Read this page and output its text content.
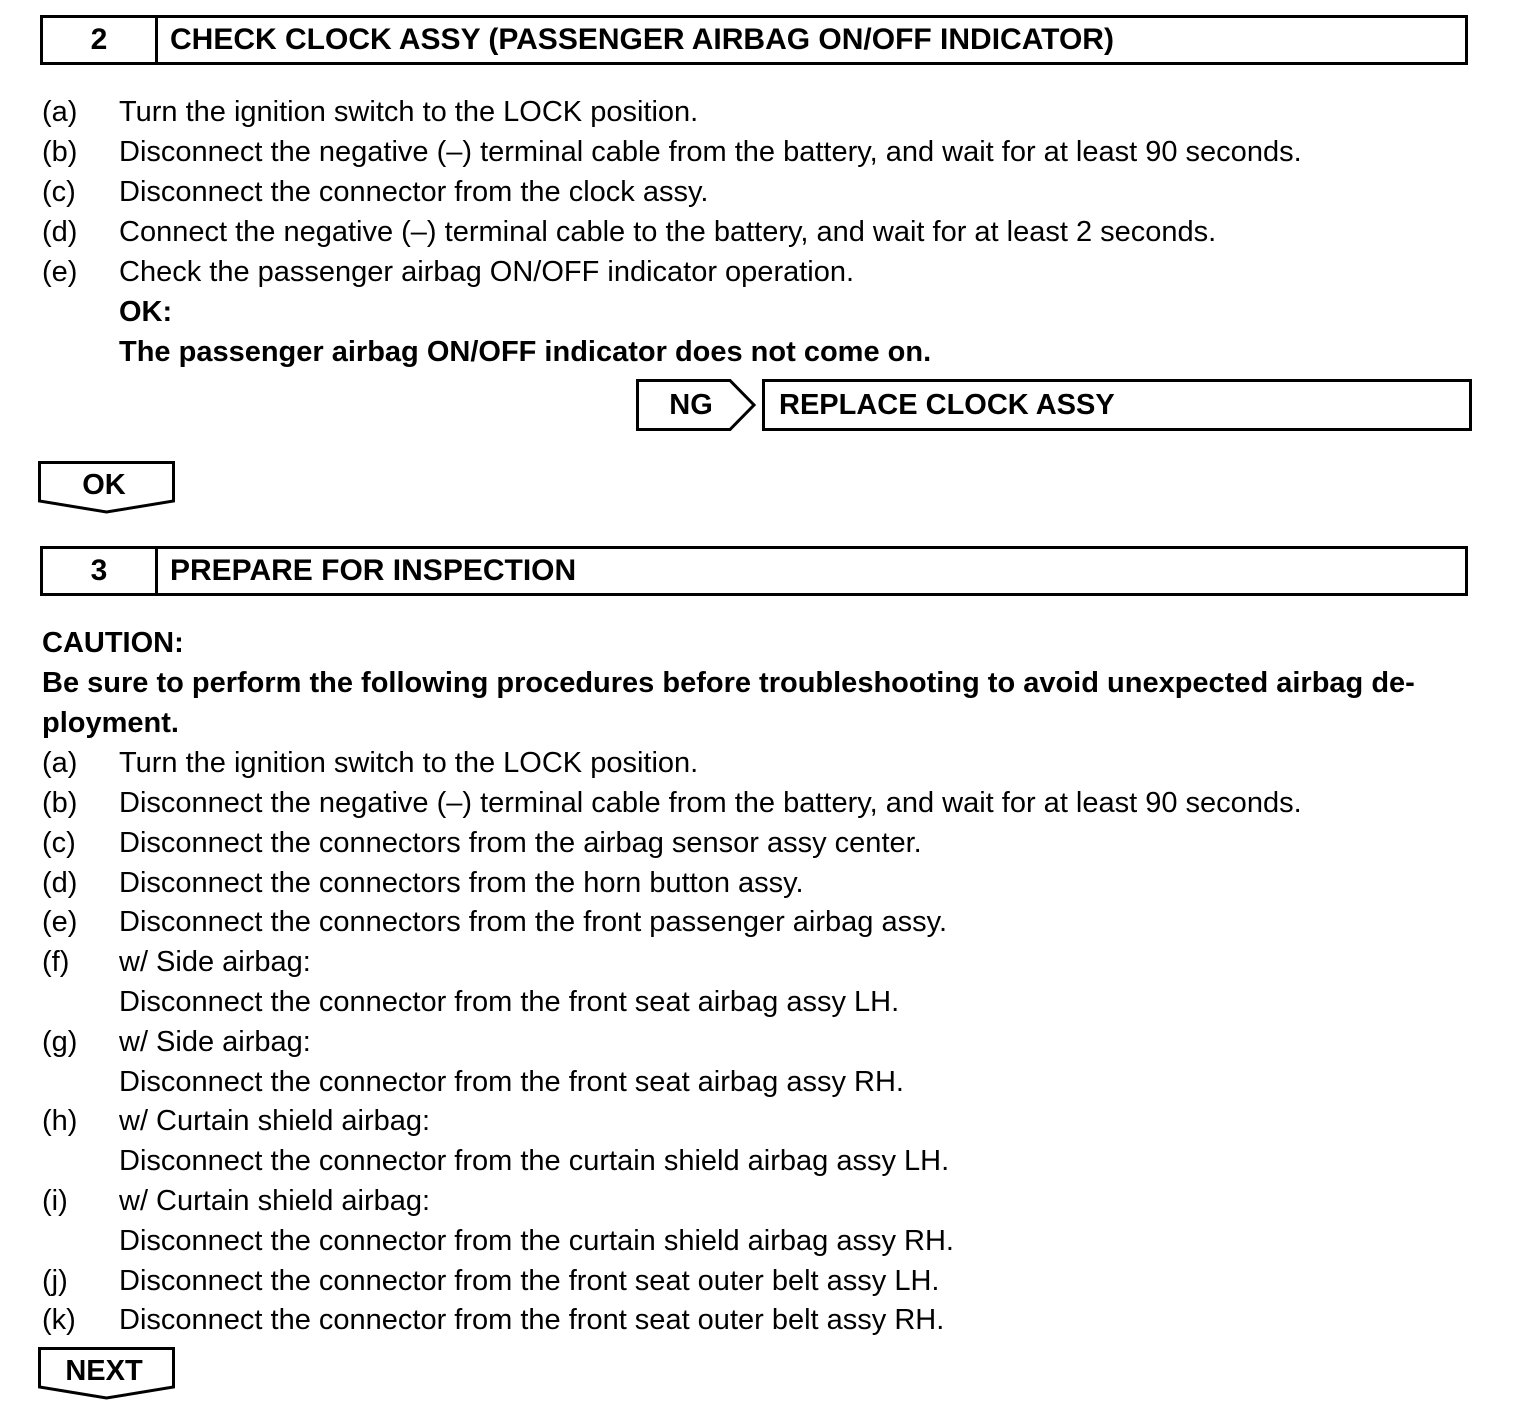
2	CHECK CLOCK ASSY (PASSENGER AIRBAG ON/OFF INDICATOR)
(a) Turn the ignition switch to the LOCK position.
(b) Disconnect the negative (–) terminal cable from the battery, and wait for at least 90 seconds.
(c) Disconnect the connector from the clock assy.
(d) Connect the negative (–) terminal cable to the battery, and wait for at least 2 seconds.
(e) Check the passenger airbag ON/OFF indicator operation.
OK:
The passenger airbag ON/OFF indicator does not come on.
NG	REPLACE CLOCK ASSY
OK
3	PREPARE FOR INSPECTION
CAUTION:
Be sure to perform the following procedures before troubleshooting to avoid unexpected airbag de-
ployment.
(a) Turn the ignition switch to the LOCK position.
(b) Disconnect the negative (–) terminal cable from the battery, and wait for at least 90 seconds.
(c) Disconnect the connectors from the airbag sensor assy center.
(d) Disconnect the connectors from the horn button assy.
(e) Disconnect the connectors from the front passenger airbag assy.
(f) w/ Side airbag:
Disconnect the connector from the front seat airbag assy LH.
(g) w/ Side airbag:
Disconnect the connector from the front seat airbag assy RH.
(h) w/ Curtain shield airbag:
Disconnect the connector from the curtain shield airbag assy LH.
(i) w/ Curtain shield airbag:
Disconnect the connector from the curtain shield airbag assy RH.
(j) Disconnect the connector from the front seat outer belt assy LH.
(k) Disconnect the connector from the front seat outer belt assy RH.
NEXT
